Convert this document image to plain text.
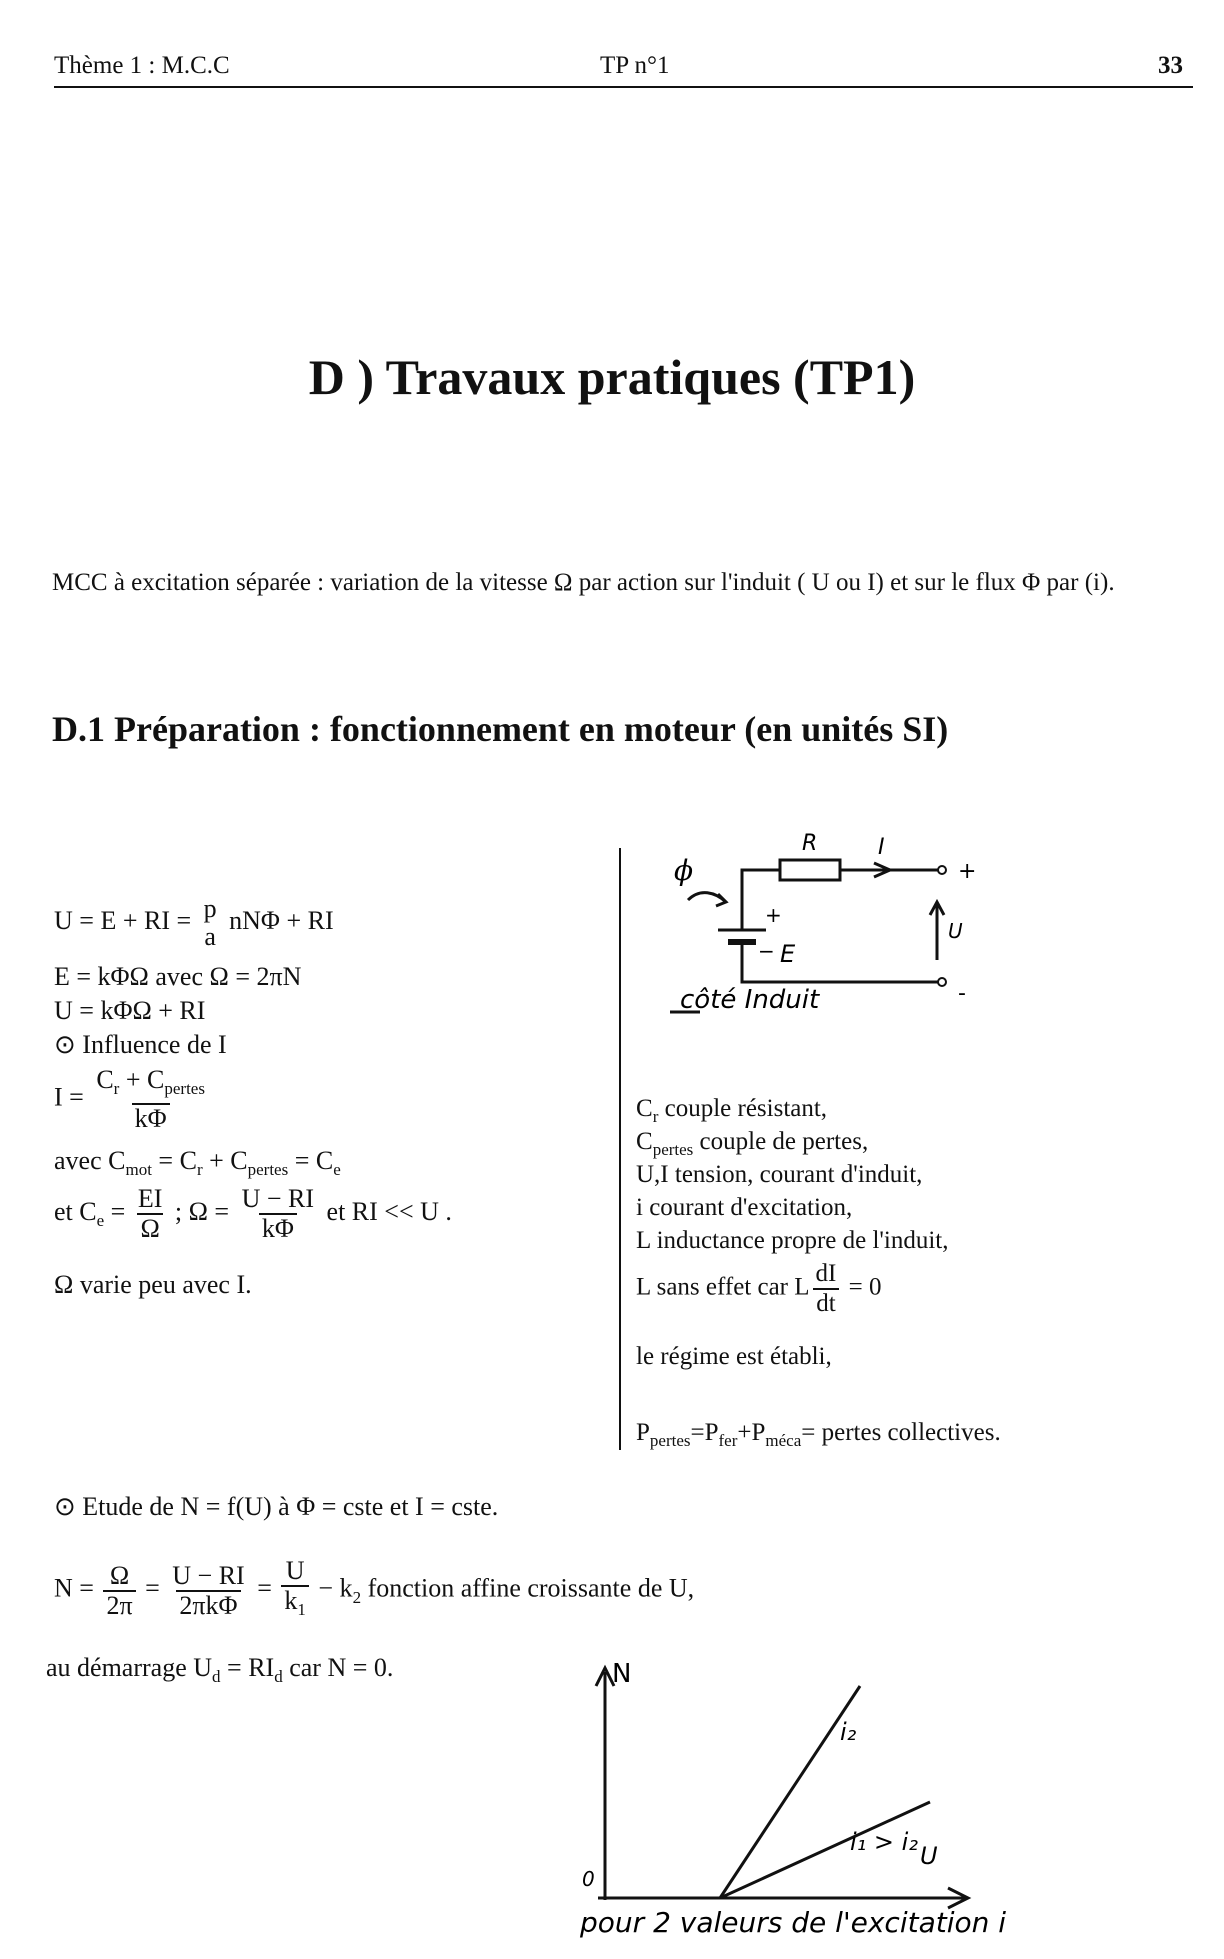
Thème 1 : M.C.C	TP n°1	33
D ) Travaux pratiques (TP1)
MCC à excitation séparée : variation de la vitesse Ω par action sur l'induit ( U ou I) et sur le flux Φ par (i).
D.1 Préparation : fonctionnement en moteur (en unités SI)
U = E + RI = p
a
nNΦ + RI
E = kΦΩ avec Ω = 2πN
U = kΦΩ + RI
⊙ Influence de I
$I = \frac{C_r + C_{pertes}}{k\Phi}$
avec $C_{mot} = C_r + C_{pertes} = C_e$
et $C_e = \frac{EI}{\Omega}$ ; $\Omega = \frac{U - RI}{k\Phi}$ et RI << U .
Ω varie peu avec I.
ϕ
R	I
+
+
− E
U
-
côté Induit
$C_r$ couple résistant,
$C_{pertes}$ couple de pertes,
U,I tension, courant d'induit,
i courant d'excitation,
L inductance propre de l'induit,
L sans effet car L $\frac{dI}{dt} = 0$
le régime est établi,
$P_{pertes}=P_{fer}+P_{méca}=$ pertes collectives.
⊙ Etude de N = f(U) à Φ = cste et I = cste.
$N = \frac{\Omega}{2\pi} = \frac{U - RI}{\text{2πkΦ}} = \frac{U}{k_1} - k_2$ fonction affine croissante de U,
au démarrage $U_d = RI_d$ car N = 0.	N
U
0
i₂
i₁ > i₂
pour 2 valeurs de l'excitation i
